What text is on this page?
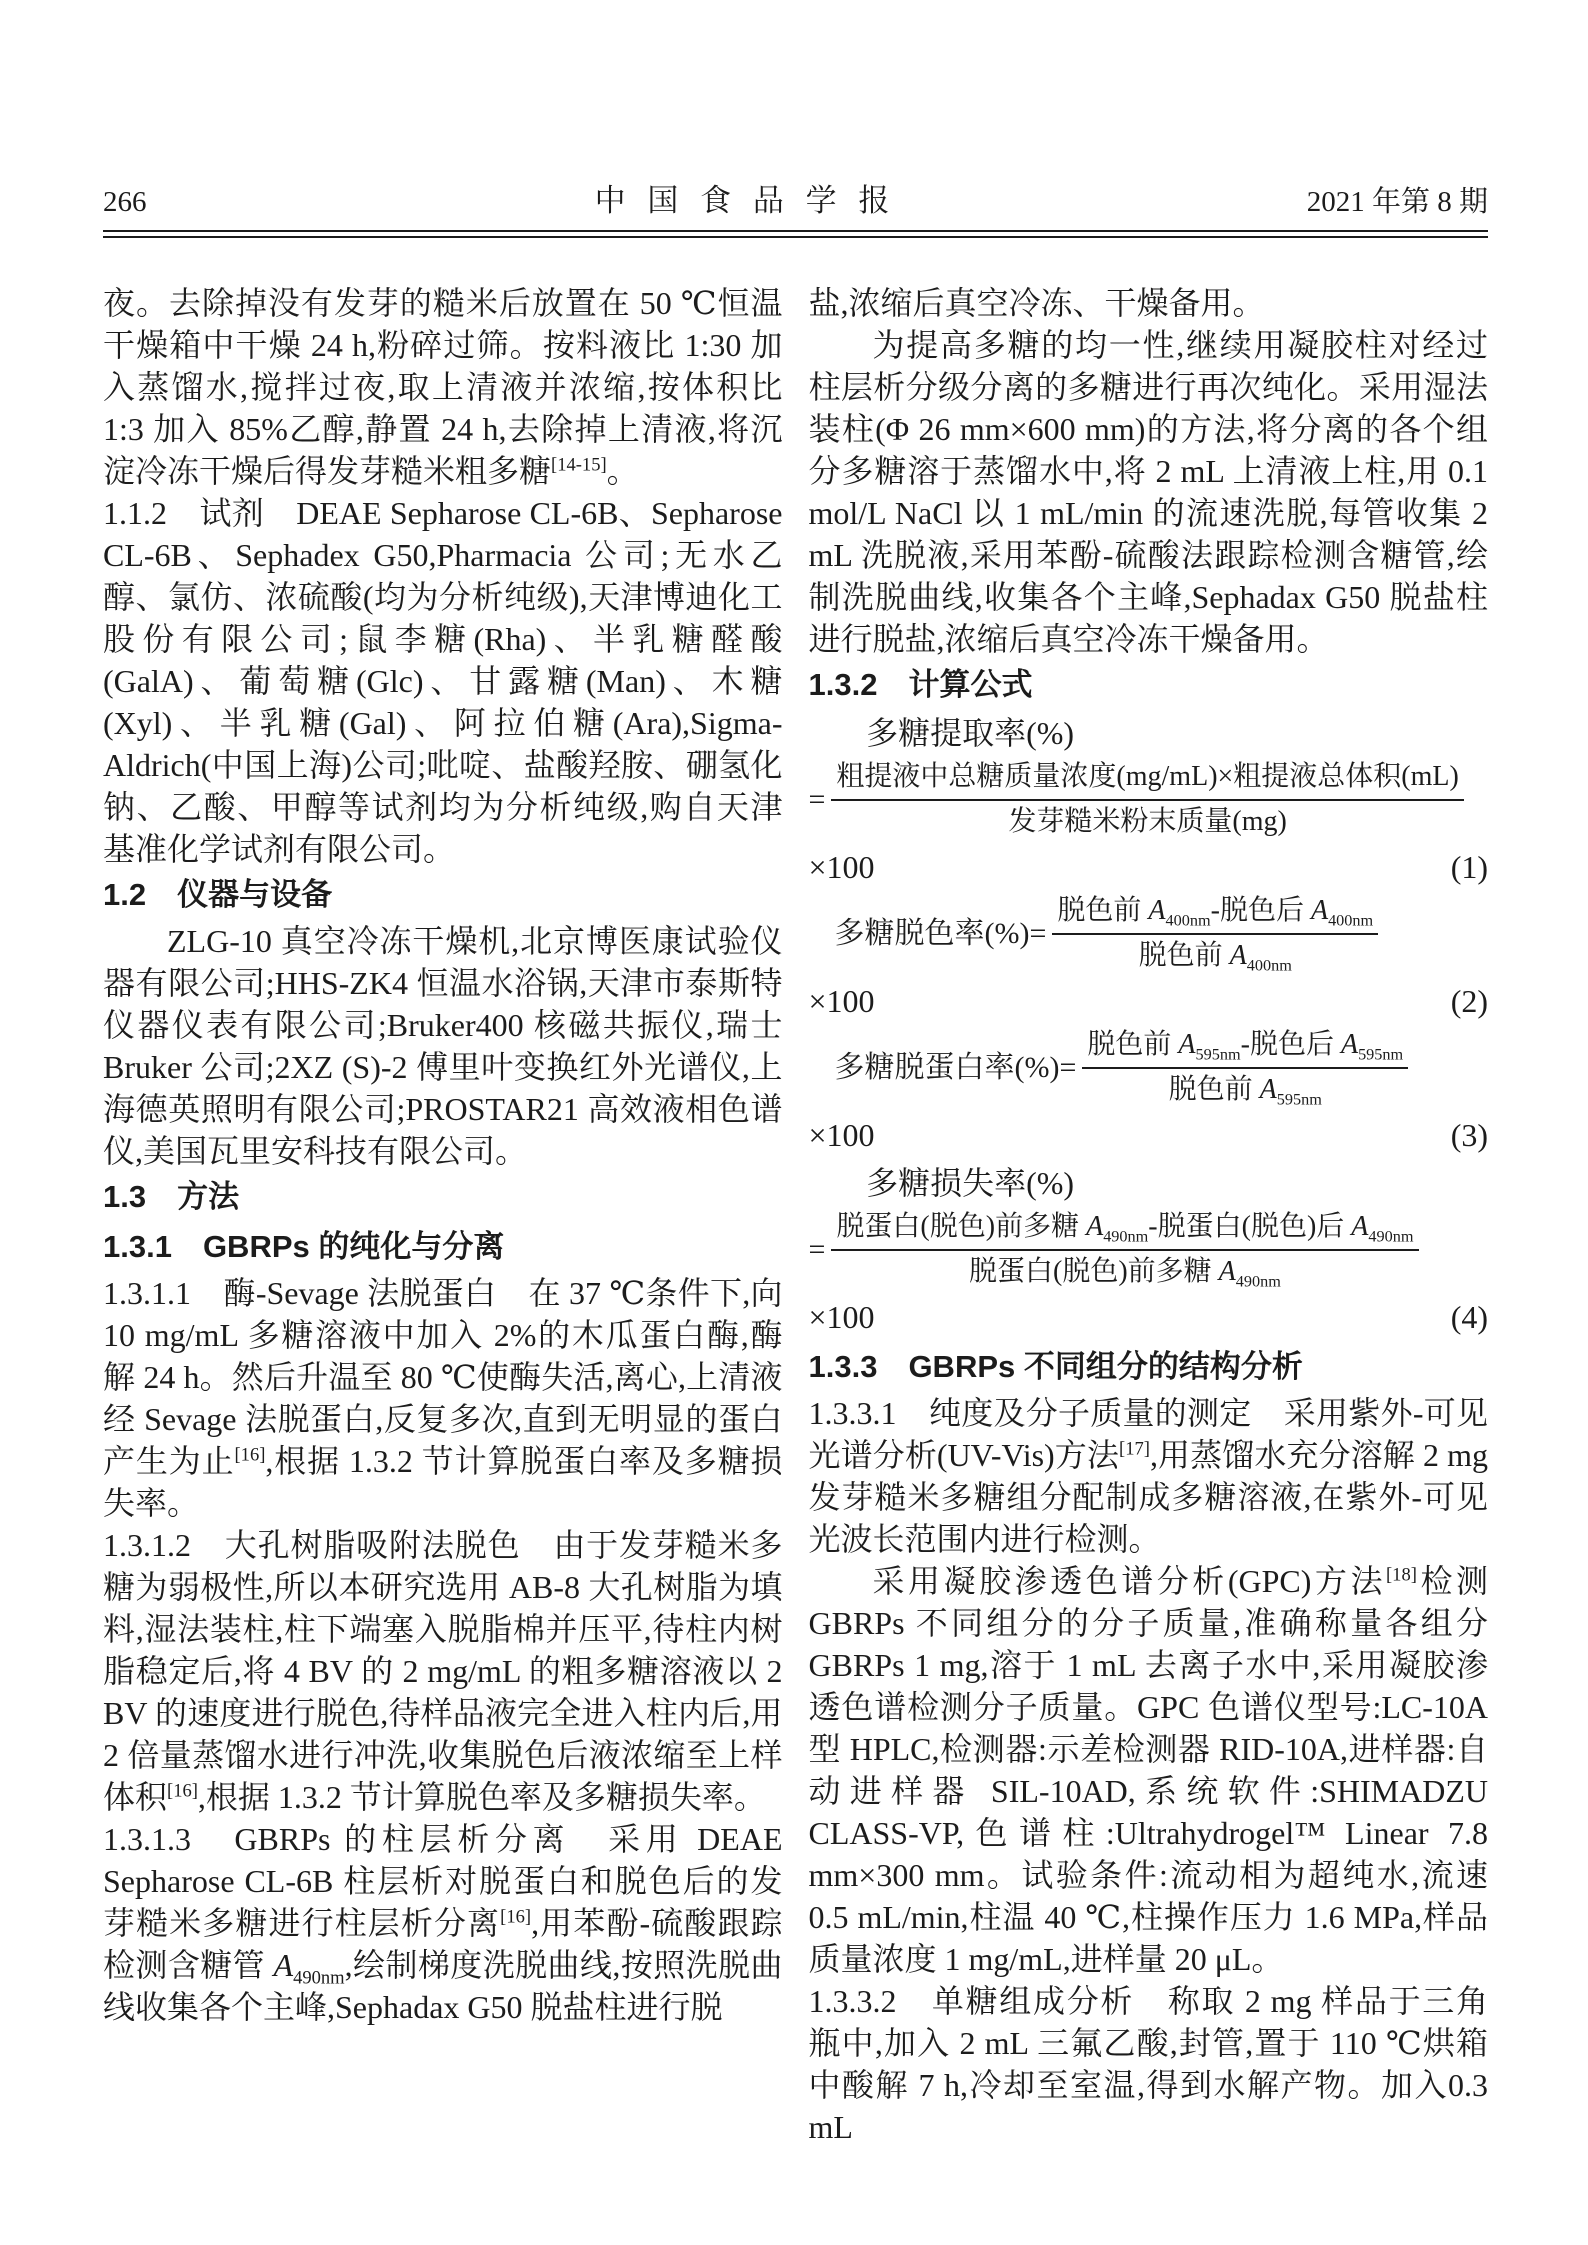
266	中 国 食 品 学 报	2021 年第 8 期
夜。去除掉没有发芽的糙米后放置在 50 ℃恒温干燥箱中干燥 24 h,粉碎过筛。按料液比 1:30 加入蒸馏水,搅拌过夜,取上清液并浓缩,按体积比 1:3 加入 85%乙醇,静置 24 h,去除掉上清液,将沉淀冷冻干燥后得发芽糙米粗多糖[14-15]。
1.1.2　试剂　DEAE Sepharose CL-6B、Sepharose CL-6B、Sephadex G50,Pharmacia 公司;无水乙醇、氯仿、浓硫酸(均为分析纯级),天津博迪化工股份有限公司;鼠李糖(Rha)、半乳糖醛酸(GalA)、葡萄糖(Glc)、甘露糖(Man)、木糖(Xyl)、半乳糖(Gal)、阿拉伯糖(Ara),Sigma-Aldrich(中国上海)公司;吡啶、盐酸羟胺、硼氢化钠、乙酸、甲醇等试剂均为分析纯级,购自天津基准化学试剂有限公司。
1.2　仪器与设备
ZLG-10 真空冷冻干燥机,北京博医康试验仪器有限公司;HHS-ZK4 恒温水浴锅,天津市泰斯特仪器仪表有限公司;Bruker400 核磁共振仪,瑞士 Bruker 公司;2XZ (S)-2 傅里叶变换红外光谱仪,上海德英照明有限公司;PROSTAR21 高效液相色谱仪,美国瓦里安科技有限公司。
1.3　方法
1.3.1　GBRPs 的纯化与分离
1.3.1.1　酶-Sevage 法脱蛋白　在 37 ℃条件下,向 10 mg/mL 多糖溶液中加入 2%的木瓜蛋白酶,酶解 24 h。然后升温至 80 ℃使酶失活,离心,上清液经 Sevage 法脱蛋白,反复多次,直到无明显的蛋白产生为止[16],根据 1.3.2 节计算脱蛋白率及多糖损失率。
1.3.1.2　大孔树脂吸附法脱色　由于发芽糙米多糖为弱极性,所以本研究选用 AB-8 大孔树脂为填料,湿法装柱,柱下端塞入脱脂棉并压平,待柱内树脂稳定后,将 4 BV 的 2 mg/mL 的粗多糖溶液以 2 BV 的速度进行脱色,待样品液完全进入柱内后,用 2 倍量蒸馏水进行冲洗,收集脱色后液浓缩至上样体积[16],根据 1.3.2 节计算脱色率及多糖损失率。
1.3.1.3　GBRPs 的柱层析分离　采用 DEAE Sepharose CL-6B 柱层析对脱蛋白和脱色后的发芽糙米多糖进行柱层析分离[16],用苯酚-硫酸跟踪检测含糖管 $A_{490nm}$,绘制梯度洗脱曲线,按照洗脱曲线收集各个主峰,Sephadax G50 脱盐柱进行脱
盐,浓缩后真空冷冻、干燥备用。
为提高多糖的均一性,继续用凝胶柱对经过柱层析分级分离的多糖进行再次纯化。采用湿法装柱(Φ 26 mm×600 mm)的方法,将分离的各个组分多糖溶于蒸馏水中,将 2 mL 上清液上柱,用 0.1 mol/L NaCl 以 1 mL/min 的流速洗脱,每管收集 2 mL 洗脱液,采用苯酚-硫酸法跟踪检测含糖管,绘制洗脱曲线,收集各个主峰,Sephadax G50 脱盐柱进行脱盐,浓缩后真空冷冻干燥备用。
1.3.2　计算公式
多糖提取率(%)
= $\frac{\text{粗提液中总糖质量浓度(mg/mL)×粗提液总体积(mL)}}{\text{发芽糙米粉末质量(mg)}}$
×100	(1)
多糖脱色率(%)= $\frac{脱色前 A_{400nm}-脱色后 A_{400nm}}{脱色前 A_{400nm}}$
×100	(2)
多糖脱蛋白率(%)= $\frac{脱色前 A_{595nm}-脱色后 A_{595nm}}{脱色前 A_{595nm}}$
×100	(3)
多糖损失率(%)
= $\frac{脱蛋白(脱色)前多糖 A_{490nm}-脱蛋白(脱色)后 A_{490nm}}{脱蛋白(脱色)前多糖 A_{490nm}}$
×100	(4)
1.3.3　GBRPs 不同组分的结构分析
1.3.3.1　纯度及分子质量的测定　采用紫外-可见光谱分析(UV-Vis)方法[17],用蒸馏水充分溶解 2 mg 发芽糙米多糖组分配制成多糖溶液,在紫外-可见光波长范围内进行检测。
采用凝胶渗透色谱分析(GPC)方法[18]检测 GBRPs 不同组分的分子质量,准确称量各组分 GBRPs 1 mg,溶于 1 mL 去离子水中,采用凝胶渗透色谱检测分子质量。GPC 色谱仪型号:LC-10A 型 HPLC,检测器:示差检测器 RID-10A,进样器:自动进样器 SIL-10AD,系统软件:SHIMADZU CLASS-VP,色谱柱:Ultrahydrogel™ Linear 7.8 mm×300 mm。试验条件:流动相为超纯水,流速 0.5 mL/min,柱温 40 ℃,柱操作压力 1.6 MPa,样品质量浓度 1 mg/mL,进样量 20 μL。
1.3.3.2　单糖组成分析　称取 2 mg 样品于三角瓶中,加入 2 mL 三氟乙酸,封管,置于 110 ℃烘箱中酸解 7 h,冷却至室温,得到水解产物。加入0.3 mL
